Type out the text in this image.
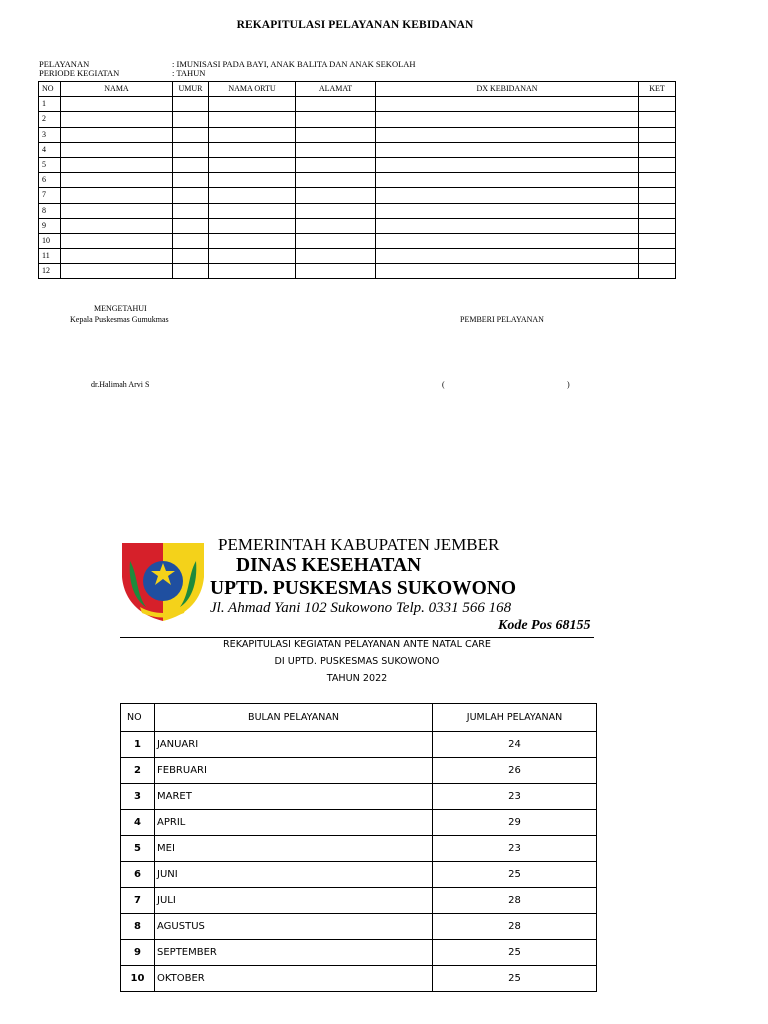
REKAPITULASI PELAYANAN KEBIDANAN
PELAYANAN	: IMUNISASI PADA BAYI, ANAK BALITA DAN ANAK SEKOLAH
PERIODE KEGIATAN	: TAHUN
NO	NAMA	UMUR	NAMA ORTU	ALAMAT	DX KEBIDANAN	KET
1						
2						
3						
4						
5						
6						
7						
8						
9						
10						
11						
12						
MENGETAHUI
Kepala Puskesmas Gumukmas	PEMBERI PELAYANAN
dr.Halimah Arvi S	(	)
PEMERINTAH KABUPATEN JEMBER
DINAS KESEHATAN
UPTD. PUSKESMAS SUKOWONO
Jl. Ahmad Yani 102 Sukowono Telp. 0331 566 168
Kode Pos 68155
REKAPITULASI KEGIATAN PELAYANAN ANTE NATAL CARE
DI UPTD. PUSKESMAS SUKOWONO
TAHUN 2022
NO	BULAN PELAYANAN	JUMLAH PELAYANAN
1	JANUARI	24
2	FEBRUARI	26
3	MARET	23
4	APRIL	29
5	MEI	23
6	JUNI	25
7	JULI	28
8	AGUSTUS	28
9	SEPTEMBER	25
10	OKTOBER	25
